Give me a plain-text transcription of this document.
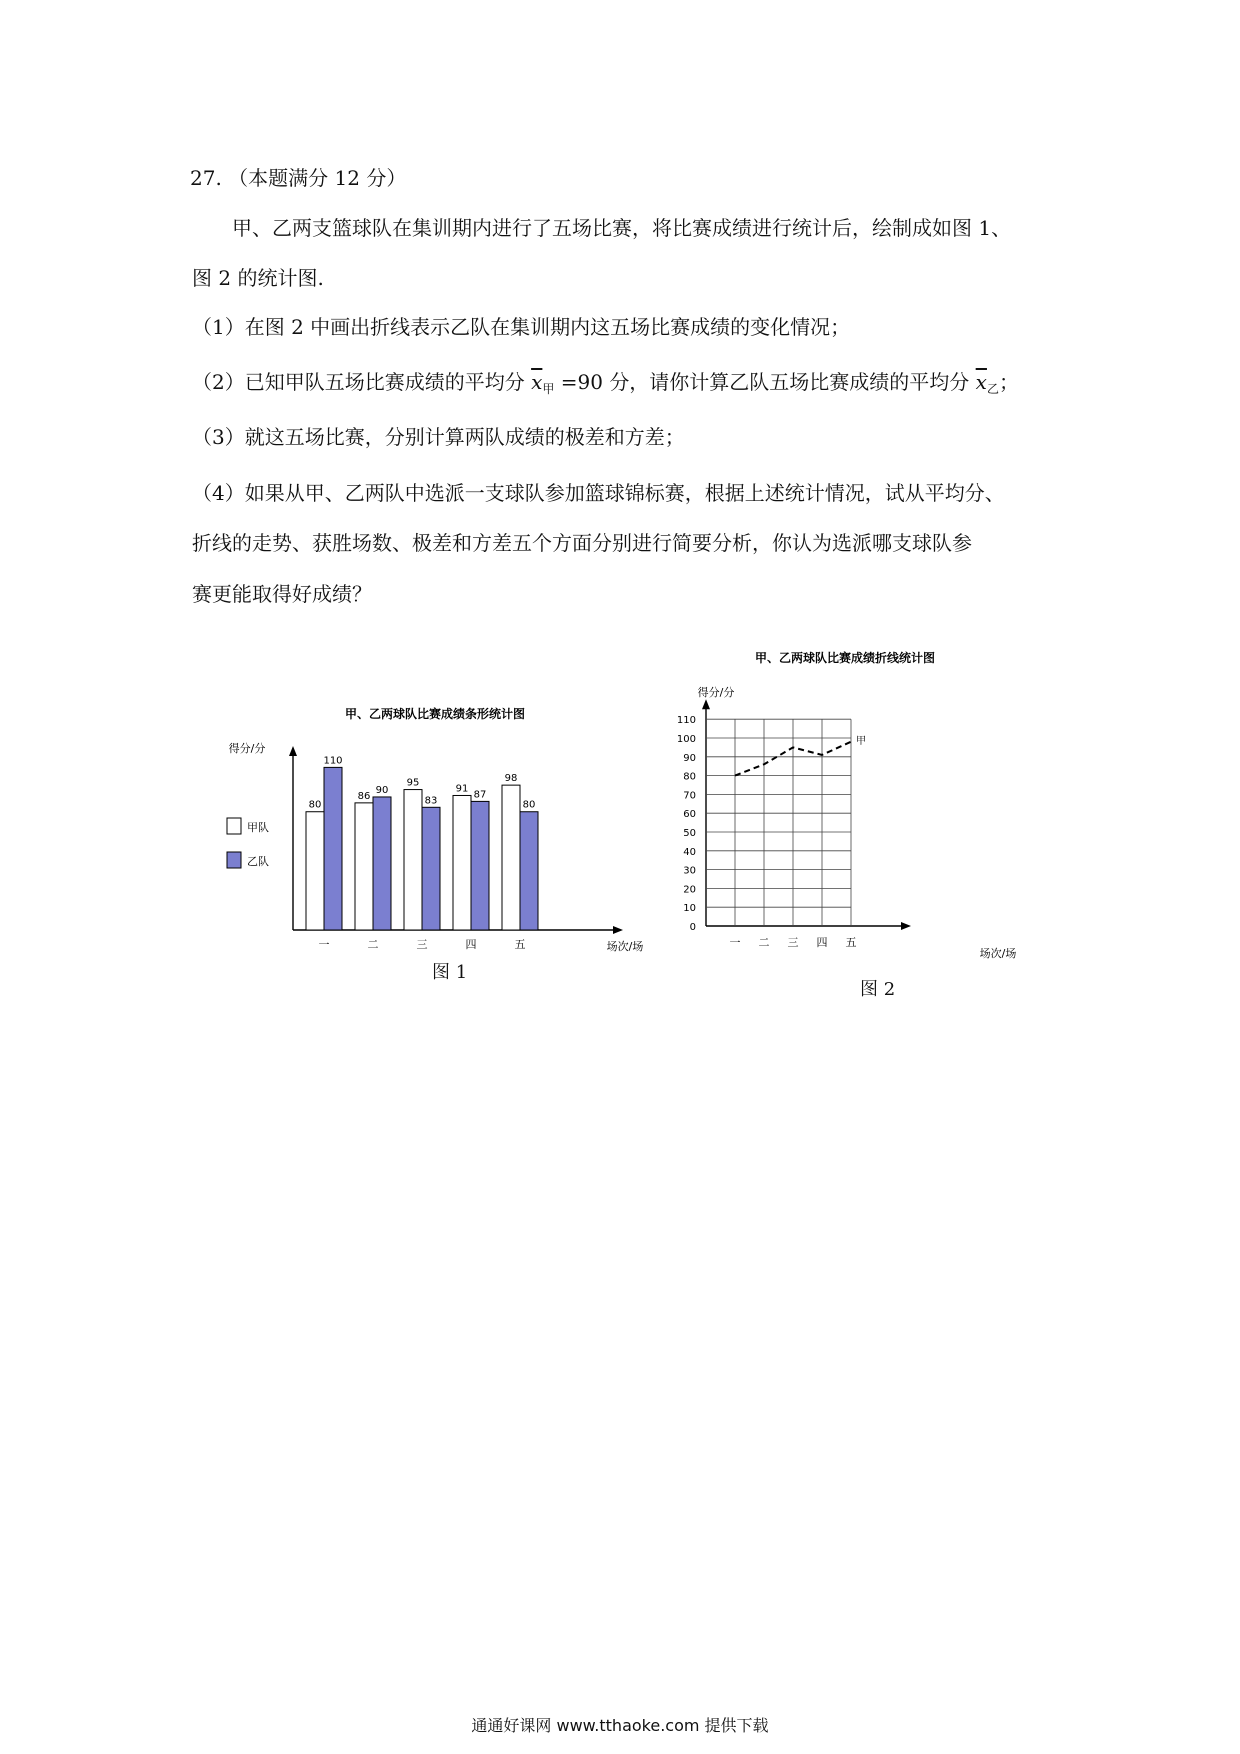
27. （本题满分 12 分）
甲、乙两支篮球队在集训期内进行了五场比赛，将比赛成绩进行统计后，绘制成如图 1、
图 2 的统计图.
（1）在图 2 中画出折线表示乙队在集训期内这五场比赛成绩的变化情况；
（2）已知甲队五场比赛成绩的平均分 $\overline{x}_甲 =90$ 分，请你计算乙队五场比赛成绩的平均分 $\overline{x}_乙$；
（3）就这五场比赛，分别计算两队成绩的极差和方差；
（4）如果从甲、乙两队中选派一支球队参加篮球锦标赛，根据上述统计情况，试从平均分、
折线的走势、获胜场数、极差和方差五个方面分别进行简要分析，你认为选派哪支球队参
赛更能取得好成绩？
甲、乙两球队比赛成绩条形统计图
得分/分
场次/场
甲队
乙队
一	二	三	四	五
80
110
86
90
95
83
91
87
98
80
图 1
甲、乙两球队比赛成绩折线统计图
得分/分
场次/场
0
10
20
30
40
50
60
70
80
90
100
110
一 二 三 四 五
甲
图 2
通通好课网 www.tthaoke.com 提供下载
